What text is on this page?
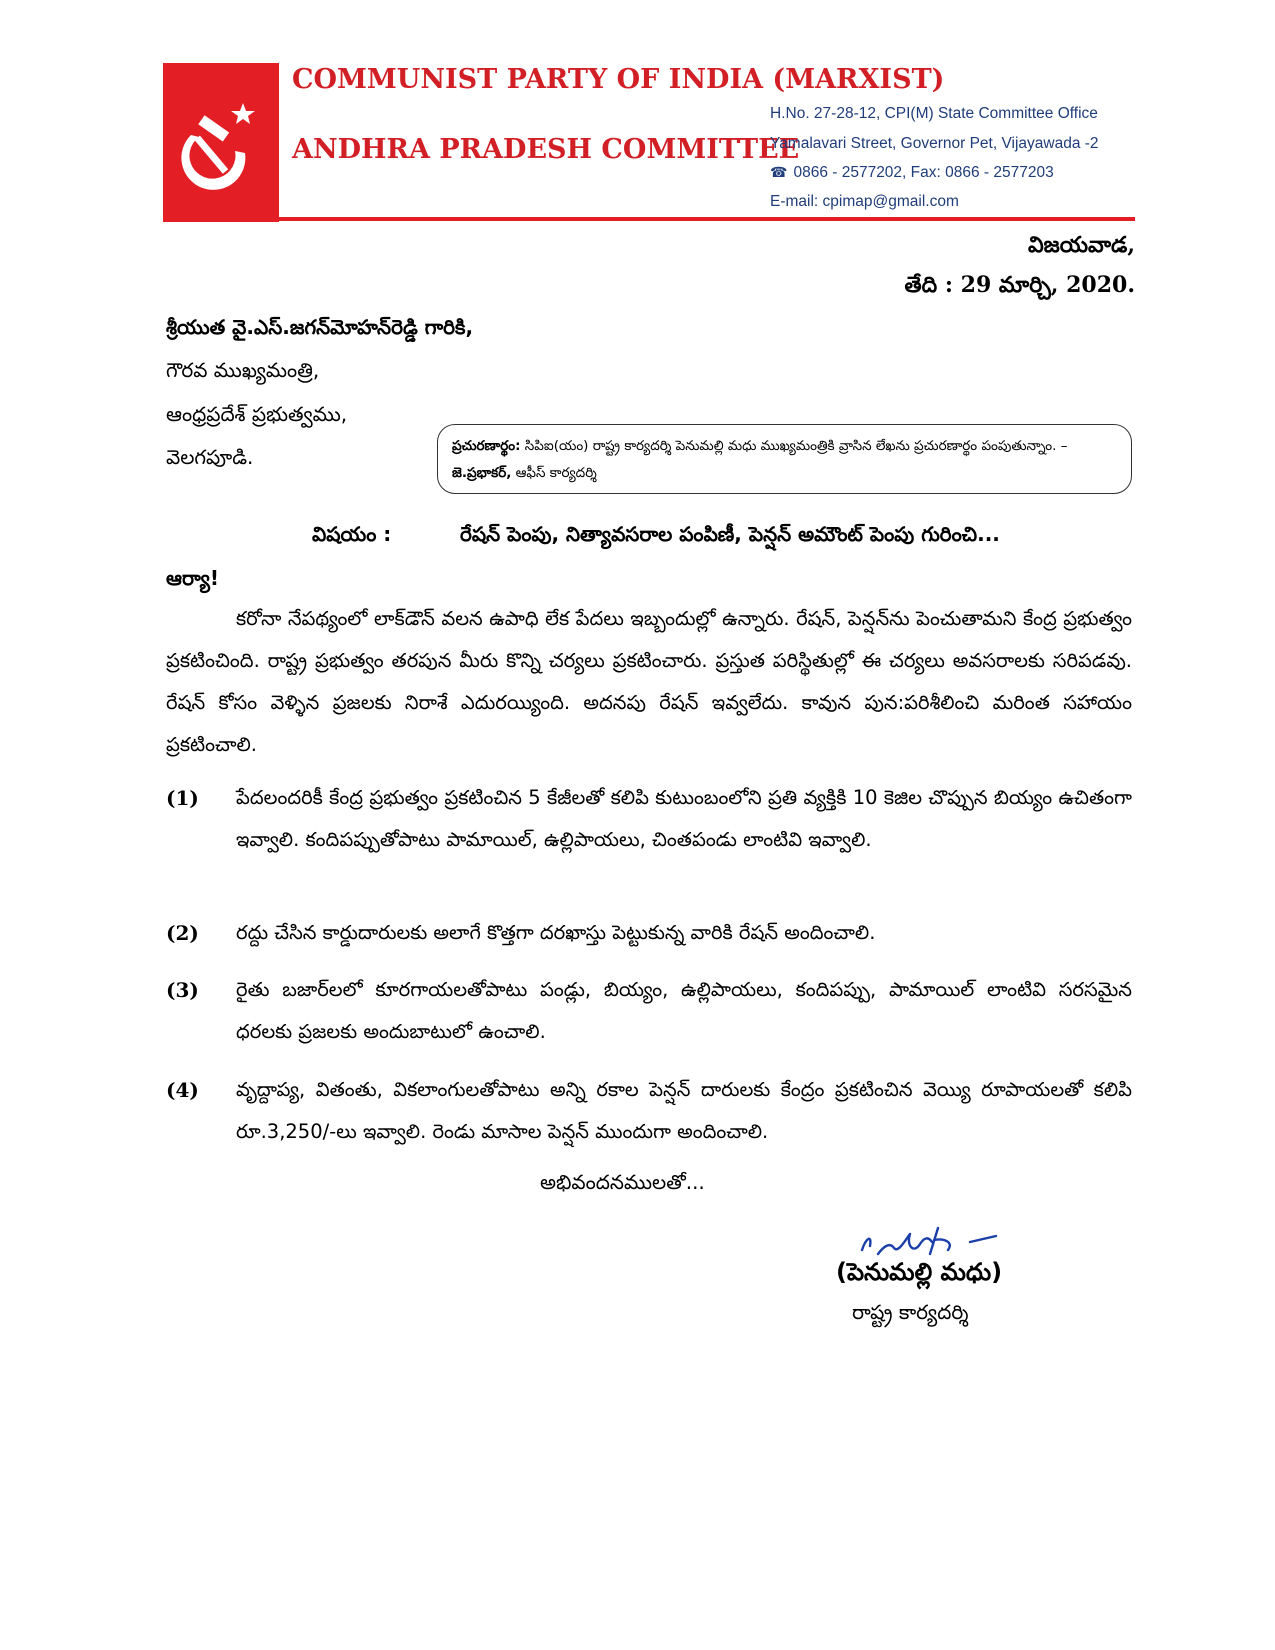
COMMUNIST PARTY OF INDIA (MARXIST)
ANDHRA PRADESH COMMITTEE
H.No. 27-28-12, CPI(M) State Committee Office
Yamalavari Street, Governor Pet, Vijayawada -2
☎ 0866 - 2577202, Fax: 0866 - 2577203
E-mail: cpimap@gmail.com
విజయవాడ,
తేది : 29 మార్చి, 2020.
శ్రీయుత వై.ఎస్.జగన్‌మోహన్‌రెడ్డి గారికి,
గౌరవ ముఖ్యమంత్రి,
ఆంధ్రప్రదేశ్ ప్రభుత్వము,
వెలగపూడి.	ప్రచురణార్థం: సిపిఐ(యం) రాష్ట్ర కార్యదర్శి పెనుమల్లి మధు ముఖ్యమంత్రికి వ్రాసిన లేఖను ప్రచురణార్థం పంపుతున్నాం. – జె.ప్రభాకర్, ఆఫీస్ కార్యదర్శి
విషయం :	రేషన్ పెంపు, నిత్యావసరాల పంపిణీ, పెన్షన్ అమౌంట్ పెంపు గురించి...
ఆర్యా!

కరోనా నేపథ్యంలో లాక్‌డౌన్ వలన ఉపాధి లేక పేదలు ఇబ్బందుల్లో ఉన్నారు. రేషన్, పెన్షన్‌ను పెంచుతామని కేంద్ర ప్రభుత్వం ప్రకటించింది. రాష్ట్ర ప్రభుత్వం తరపున మీరు కొన్ని చర్యలు ప్రకటించారు. ప్రస్తుత పరిస్థితుల్లో ఈ చర్యలు అవసరాలకు సరిపడవు. రేషన్ కోసం వెళ్ళిన ప్రజలకు నిరాశే ఎదురయ్యింది. అదనపు రేషన్ ఇవ్వలేదు. కావున పున:పరిశీలించి మరింత సహాయం ప్రకటించాలి.

(1)	పేదలందరికీ కేంద్ర ప్రభుత్వం ప్రకటించిన 5 కేజీలతో కలిపి కుటుంబంలోని ప్రతి వ్యక్తికి 10 కెజిల చొప్పున బియ్యం ఉచితంగా ఇవ్వాలి. కందిపప్పుతోపాటు పామాయిల్, ఉల్లిపాయలు, చింతపండు లాంటివి ఇవ్వాలి.
(2)	రద్దు చేసిన కార్డుదారులకు అలాగే కొత్తగా దరఖాస్తు పెట్టుకున్న వారికి రేషన్ అందించాలి.
(3)	రైతు బజార్‌లలో కూరగాయలతోపాటు పండ్లు, బియ్యం, ఉల్లిపాయలు, కందిపప్పు, పామాయిల్ లాంటివి సరసమైన ధరలకు ప్రజలకు అందుబాటులో ఉంచాలి.
(4)	వృద్దాప్య, వితంతు, వికలాంగులతోపాటు అన్ని రకాల పెన్షన్ దారులకు కేంద్రం ప్రకటించిన వెయ్యి రూపాయలతో కలిపి రూ.3,250/-లు ఇవ్వాలి. రెండు మాసాల పెన్షన్ ముందుగా అందించాలి.
అభివందనములతో...
(పెనుమల్లి మధు)
రాష్ట్ర కార్యదర్శి
